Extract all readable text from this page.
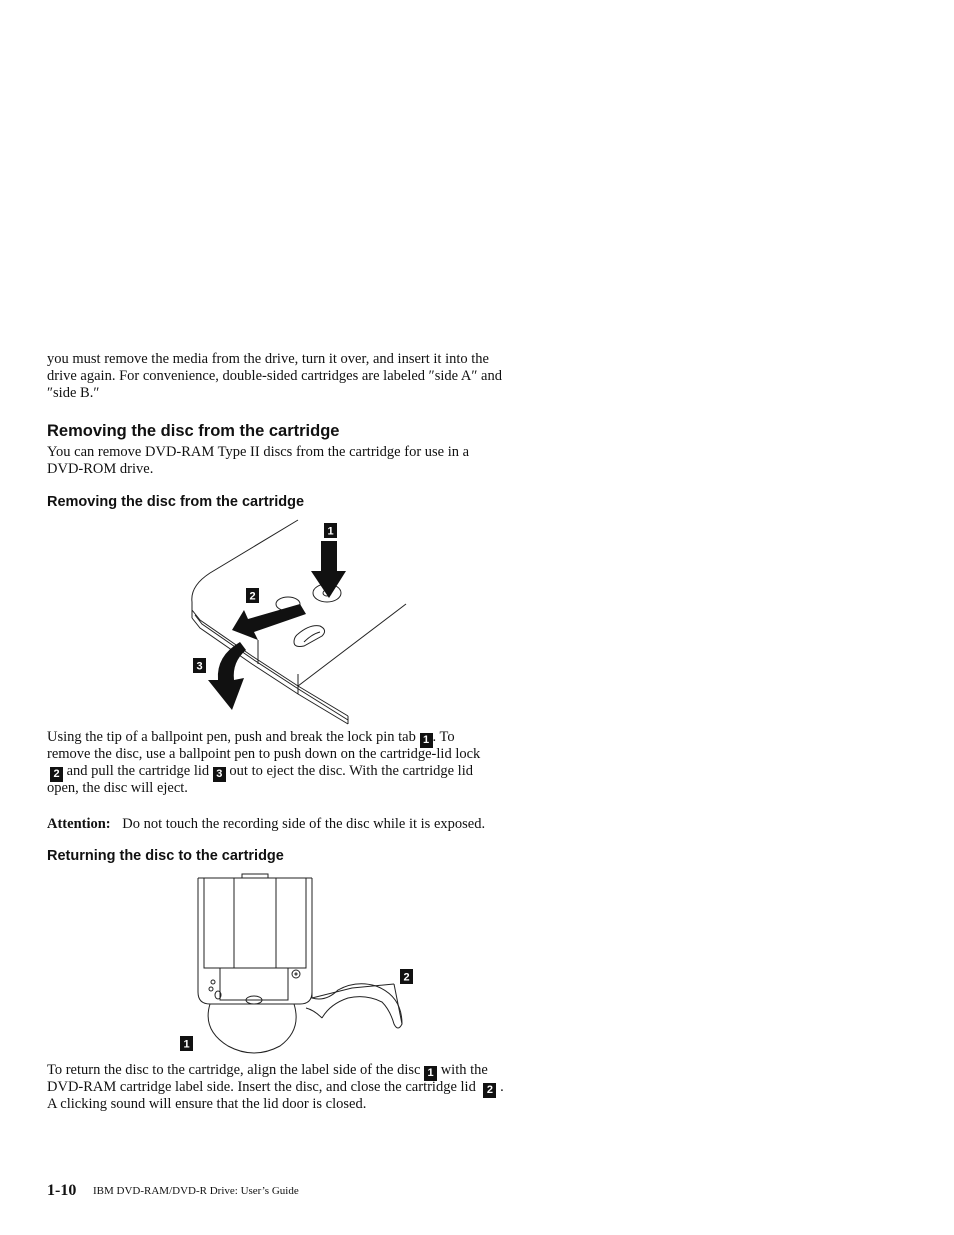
you must remove the media from the drive, turn it over, and insert it into the
drive again. For convenience, double-sided cartridges are labeled ″side A″ and
″side B.″
Removing the disc from the cartridge
You can remove DVD-RAM Type II discs from the cartridge for use in a
DVD-ROM drive.
Removing the disc from the cartridge
1
2
3
Using the tip of a ballpoint pen, push and break the lock pin tab 1 . To
remove the disc, use a ballpoint pen to push down on the cartridge-lid lock
2 and pull the cartridge lid 3 out to eject the disc. With the cartridge lid
open, the disc will eject.
Attention: Do not touch the recording side of the disc while it is exposed.
Returning the disc to the cartridge
1
2
To return the disc to the cartridge, align the label side of the disc 1 with the
DVD-RAM cartridge label side. Insert the disc, and close the cartridge lid 2 .
A clicking sound will ensure that the lid door is closed.
1-10 IBM DVD-RAM/DVD-R Drive: User’s Guide
